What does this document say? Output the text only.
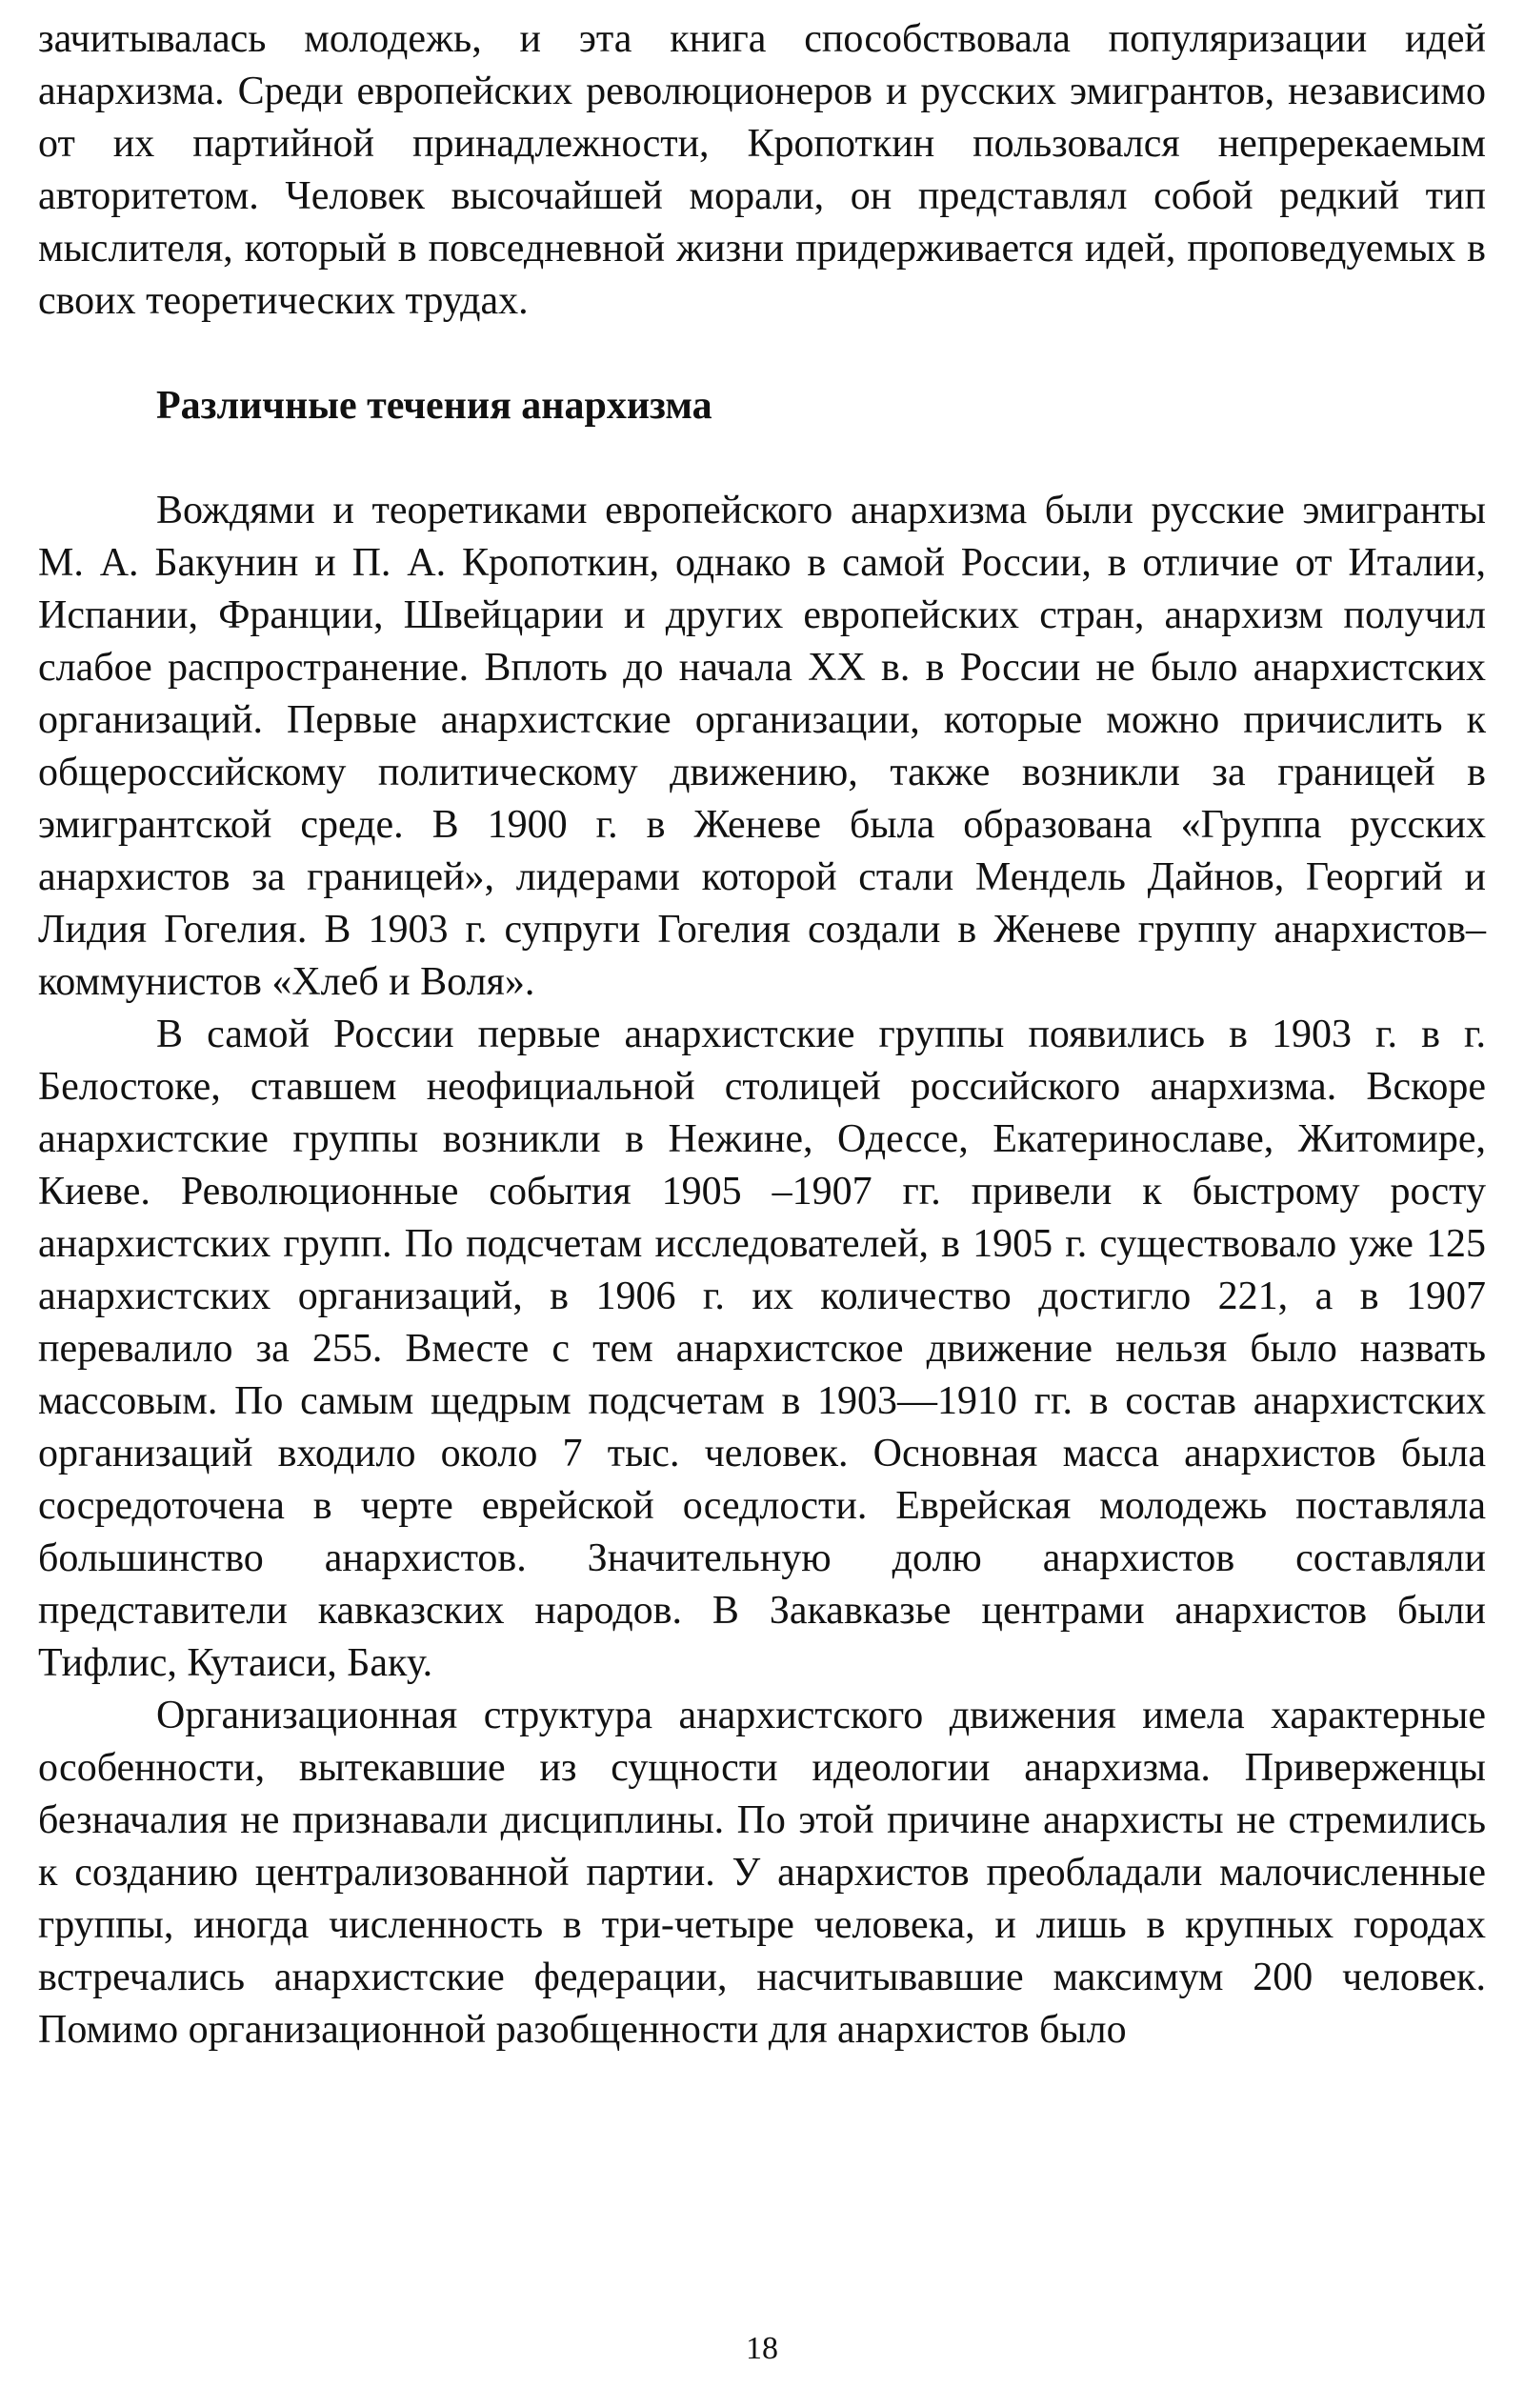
зачитывалась молодежь, и эта книга способствовала популяризации идей анархизма. Среди европейских революционеров и русских эмигрантов, независимо от их партийной принадлежности, Кропоткин пользовался непререкаемым авторитетом. Человек высочайшей морали, он представлял собой редкий тип мыслителя, который в повседневной жизни придерживается идей, проповедуемых в своих теоретических трудах.

Различные течения анархизма

Вождями и теоретиками европейского анархизма были русские эмигранты М. А. Бакунин и П. А. Кропоткин, однако в самой России, в отличие от Италии, Испании, Франции, Швейцарии и других европейских стран, анархизм получил слабое распространение. Вплоть до начала XX в. в России не было анархистских организаций. Первые анархистские организации, которые можно причислить к общероссийскому политическому движению, также возникли за границей в эмигрантской среде. В 1900 г. в Женеве была образована «Группа русских анархистов за границей», лидерами которой стали Мендель Дайнов, Георгий и Лидия Гогелия. В 1903 г. супруги Гогелия создали в Женеве группу анархистов–коммунистов «Хлеб и Воля».

В самой России первые анархистские группы появились в 1903 г. в г. Белостоке, ставшем неофициальной столицей российского анархизма. Вскоре анархистские группы возникли в Нежине, Одессе, Екатеринославе, Житомире, Киеве. Революционные события 1905 –1907 гг. привели к быстрому росту анархистских групп. По подсчетам исследователей, в 1905 г. существовало уже 125 анархистских организаций, в 1906 г. их количество достигло 221, а в 1907 перевалило за 255. Вместе с тем анархистское движение нельзя было назвать массовым. По самым щедрым подсчетам в 1903—1910 гг. в состав анархистских организаций входило около 7 тыс. человек. Основная масса анархистов была сосредоточена в черте еврейской оседлости. Еврейская молодежь поставляла большинство анархистов. Значительную долю анархистов составляли представители кавказских народов. В Закавказье центрами анархистов были Тифлис, Кутаиси, Баку.

Организационная структура анархистского движения имела характерные особенности, вытекавшие из сущности идеологии анархизма. Приверженцы безначалия не признавали дисциплины. По этой причине анархисты не стремились к созданию централизованной партии. У анархистов преобладали малочисленные группы, иногда численность в три-четыре человека, и лишь в крупных городах встречались анархистские федерации, насчитывавшие максимум 200 человек. Помимо организационной разобщенности для анархистов было

18
